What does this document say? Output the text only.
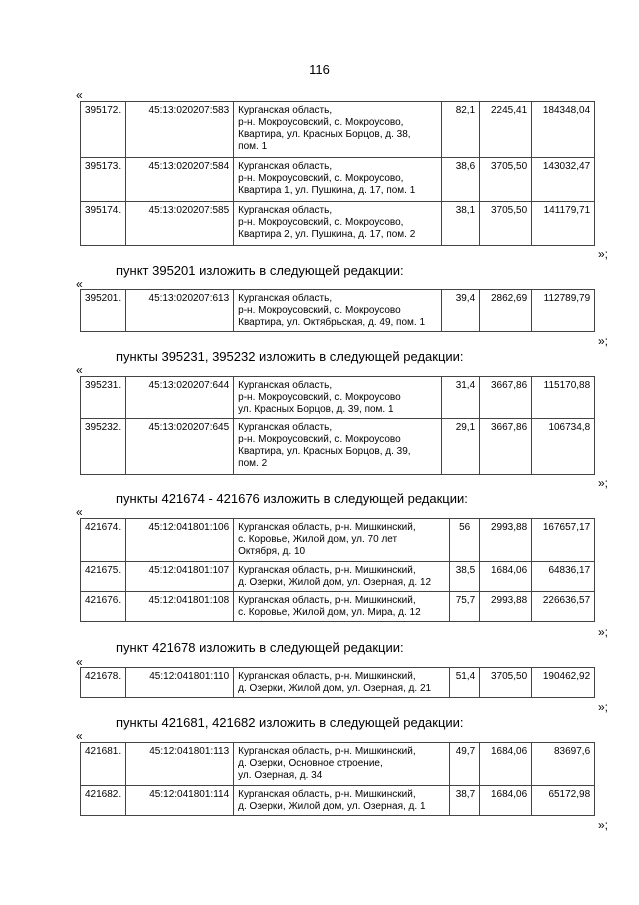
116
«
395172.	45:13:020207:583	Курганская область,
р-н. Мокроусовский, с. Мокроусово,
Квартира, ул. Красных Борцов, д. 38,
пом. 1	82,1	2245,41	184348,04
395173.	45:13:020207:584	Курганская область,
р-н. Мокроусовский, с. Мокроусово,
Квартира 1, ул. Пушкина, д. 17, пом. 1	38,6	3705,50	143032,47
395174.	45:13:020207:585	Курганская область,
р-н. Мокроусовский, с. Мокроусово,
Квартира 2, ул. Пушкина, д. 17, пом. 2	38,1	3705,50	141179,71
»;
пункт 395201 изложить в следующей редакции:
«
395201.	45:13:020207:613	Курганская область,
р-н. Мокроусовский, с. Мокроусово
Квартира, ул. Октябрьская, д. 49, пом. 1	39,4	2862,69	112789,79
»;
пункты 395231, 395232 изложить в следующей редакции:
«
395231.	45:13:020207:644	Курганская область,
р-н. Мокроусовский, с. Мокроусово
ул. Красных Борцов, д. 39, пом. 1	31,4	3667,86	115170,88
395232.	45:13:020207:645	Курганская область,
р-н. Мокроусовский, с. Мокроусово
Квартира, ул. Красных Борцов, д. 39,
пом. 2	29,1	3667,86	106734,8
»;
пункты 421674 - 421676 изложить в следующей редакции:
«
421674.	45:12:041801:106	Курганская область, р-н. Мишкинский,
с. Коровье, Жилой дом, ул. 70 лет
Октября, д. 10	56	2993,88	167657,17
421675.	45:12:041801:107	Курганская область, р-н. Мишкинский,
д. Озерки, Жилой дом, ул. Озерная, д. 12	38,5	1684,06	64836,17
421676.	45:12:041801:108	Курганская область, р-н. Мишкинский,
с. Коровье, Жилой дом, ул. Мира, д. 12	75,7	2993,88	226636,57
»;
пункт 421678 изложить в следующей редакции:
«
421678.	45:12:041801:110	Курганская область, р-н. Мишкинский,
д. Озерки, Жилой дом, ул. Озерная, д. 21	51,4	3705,50	190462,92
»;
пункты 421681, 421682 изложить в следующей редакции:
«
421681.	45:12:041801:113	Курганская область, р-н. Мишкинский,
д. Озерки, Основное строение,
ул. Озерная, д. 34	49,7	1684,06	83697,6
421682.	45:12:041801:114	Курганская область, р-н. Мишкинский,
д. Озерки, Жилой дом, ул. Озерная, д. 1	38,7	1684,06	65172,98
»;
